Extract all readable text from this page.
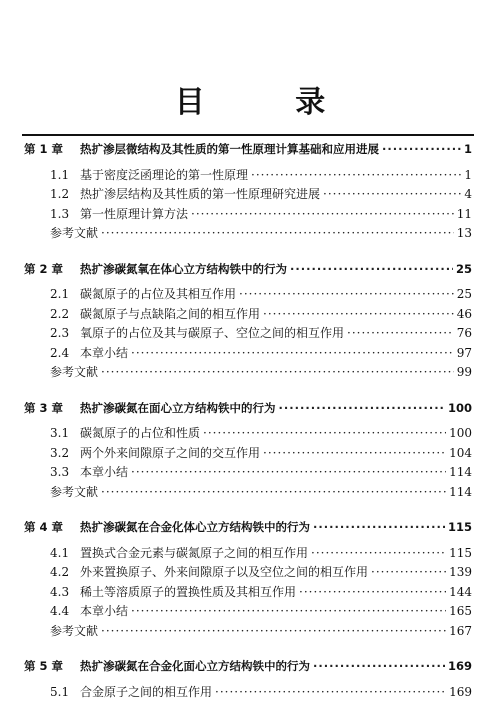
目 录
第 1 章	热扩渗层微结构及其性质的第一性原理计算基础和应用进展 ·····	1
1.1 基于密度泛函理论的第一性原理 ·····	1
1.2 热扩渗层结构及其性质的第一性原理研究进展 ·····	4
1.3 第一性原理计算方法 ·····	11
参考文献 ·····	13
第 2 章	热扩渗碳氮氧在体心立方结构铁中的行为 ·····	25
2.1 碳氮原子的占位及其相互作用 ·····	25
2.2 碳氮原子与点缺陷之间的相互作用 ·····	46
2.3 氧原子的占位及其与碳原子、空位之间的相互作用 ·····	76
2.4 本章小结 ·····	97
参考文献 ·····	99
第 3 章	热扩渗碳氮在面心立方结构铁中的行为 ·····	100
3.1 碳氮原子的占位和性质 ·····	100
3.2 两个外来间隙原子之间的交互作用 ·····	104
3.3 本章小结 ·····	114
参考文献 ·····	114
第 4 章	热扩渗碳氮在合金化体心立方结构铁中的行为 ·····	115
4.1 置换式合金元素与碳氮原子之间的相互作用 ·····	115
4.2 外来置换原子、外来间隙原子以及空位之间的相互作用 ·····	139
4.3 稀土等溶质原子的置换性质及其相互作用 ·····	144
4.4 本章小结 ·····	165
参考文献 ·····	167
第 5 章	热扩渗碳氮在合金化面心立方结构铁中的行为 ·····	169
5.1 合金原子之间的相互作用 ·····	169
